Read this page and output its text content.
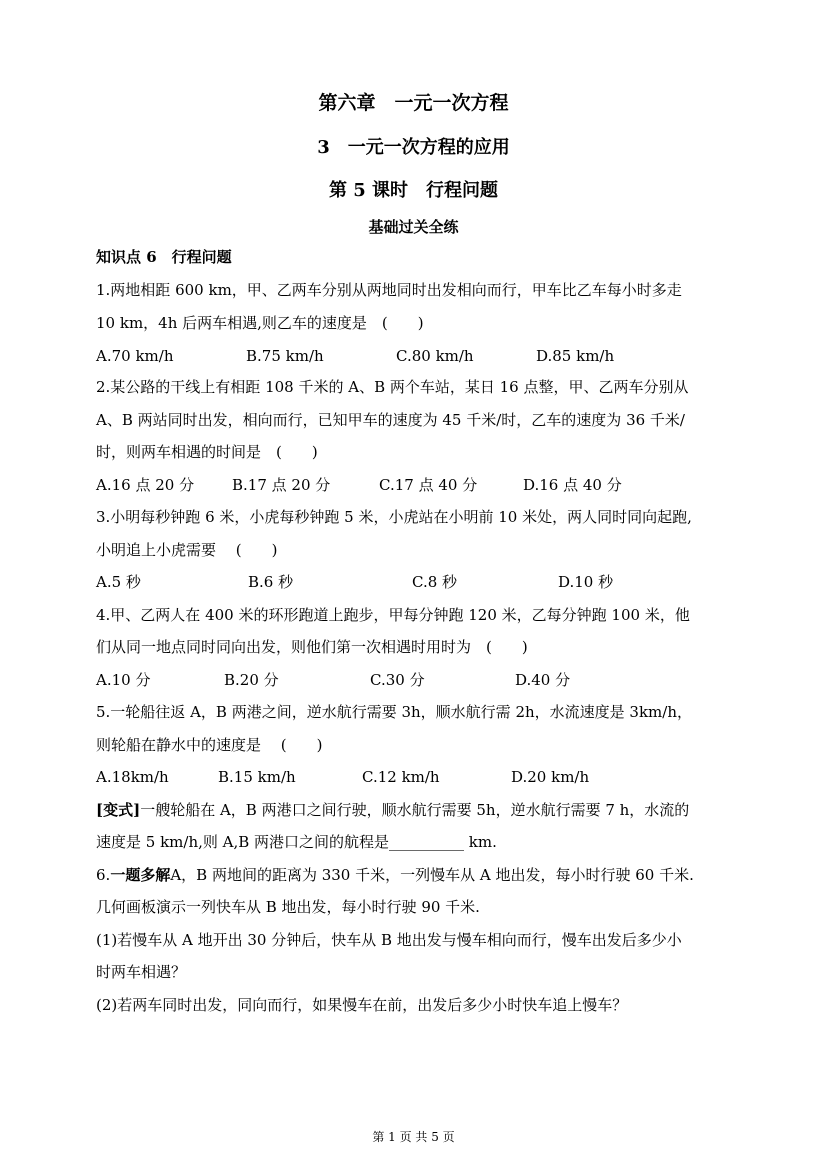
第六章　一元一次方程
3　一元一次方程的应用
第 5 课时　行程问题
基础过关全练
知识点 6　行程问题
1.两地相距 600 km，甲、乙两车分别从两地同时出发相向而行，甲车比乙车每小时多走
10 km，4h 后两车相遇,则乙车的速度是　(　　)
A.70 km/h	B.75 km/h	C.80 km/h	D.85 km/h
2.某公路的干线上有相距 108 千米的 A、B 两个车站，某日 16 点整，甲、乙两车分别从
A、B 两站同时出发，相向而行，已知甲车的速度为 45 千米/时，乙车的速度为 36 千米/
时，则两车相遇的时间是　(　　)
A.16 点 20 分	B.17 点 20 分	C.17 点 40 分	D.16 点 40 分
3.小明每秒钟跑 6 米，小虎每秒钟跑 5 米，小虎站在小明前 10 米处，两人同时同向起跑,
小明追上小虎需要　 (　　)
A.5 秒	B.6 秒	C.8 秒	D.10 秒
4.甲、乙两人在 400 米的环形跑道上跑步，甲每分钟跑 120 米，乙每分钟跑 100 米，他
们从同一地点同时同向出发，则他们第一次相遇时用时为　(　　)
A.10 分	B.20 分	C.30 分	D.40 分
5.一轮船往返 A，B 两港之间，逆水航行需要 3h，顺水航行需 2h，水流速度是 3km/h，
则轮船在静水中的速度是　 (　　)
A.18km/h	B.15 km/h	C.12 km/h	D.20 km/h
[变式]一艘轮船在 A，B 两港口之间行驶，顺水航行需要 5h，逆水航行需要 7 h，水流的
速度是 5 km/h,则 A,B 两港口之间的航程是__________ km.
6.一题多解A，B 两地间的距离为 330 千米，一列慢车从 A 地出发，每小时行驶 60 千米.
几何画板演示一列快车从 B 地出发，每小时行驶 90 千米.
(1)若慢车从 A 地开出 30 分钟后，快车从 B 地出发与慢车相向而行，慢车出发后多少小
时两车相遇？
(2)若两车同时出发，同向而行，如果慢车在前，出发后多少小时快车追上慢车？
第 1 页 共 5 页
